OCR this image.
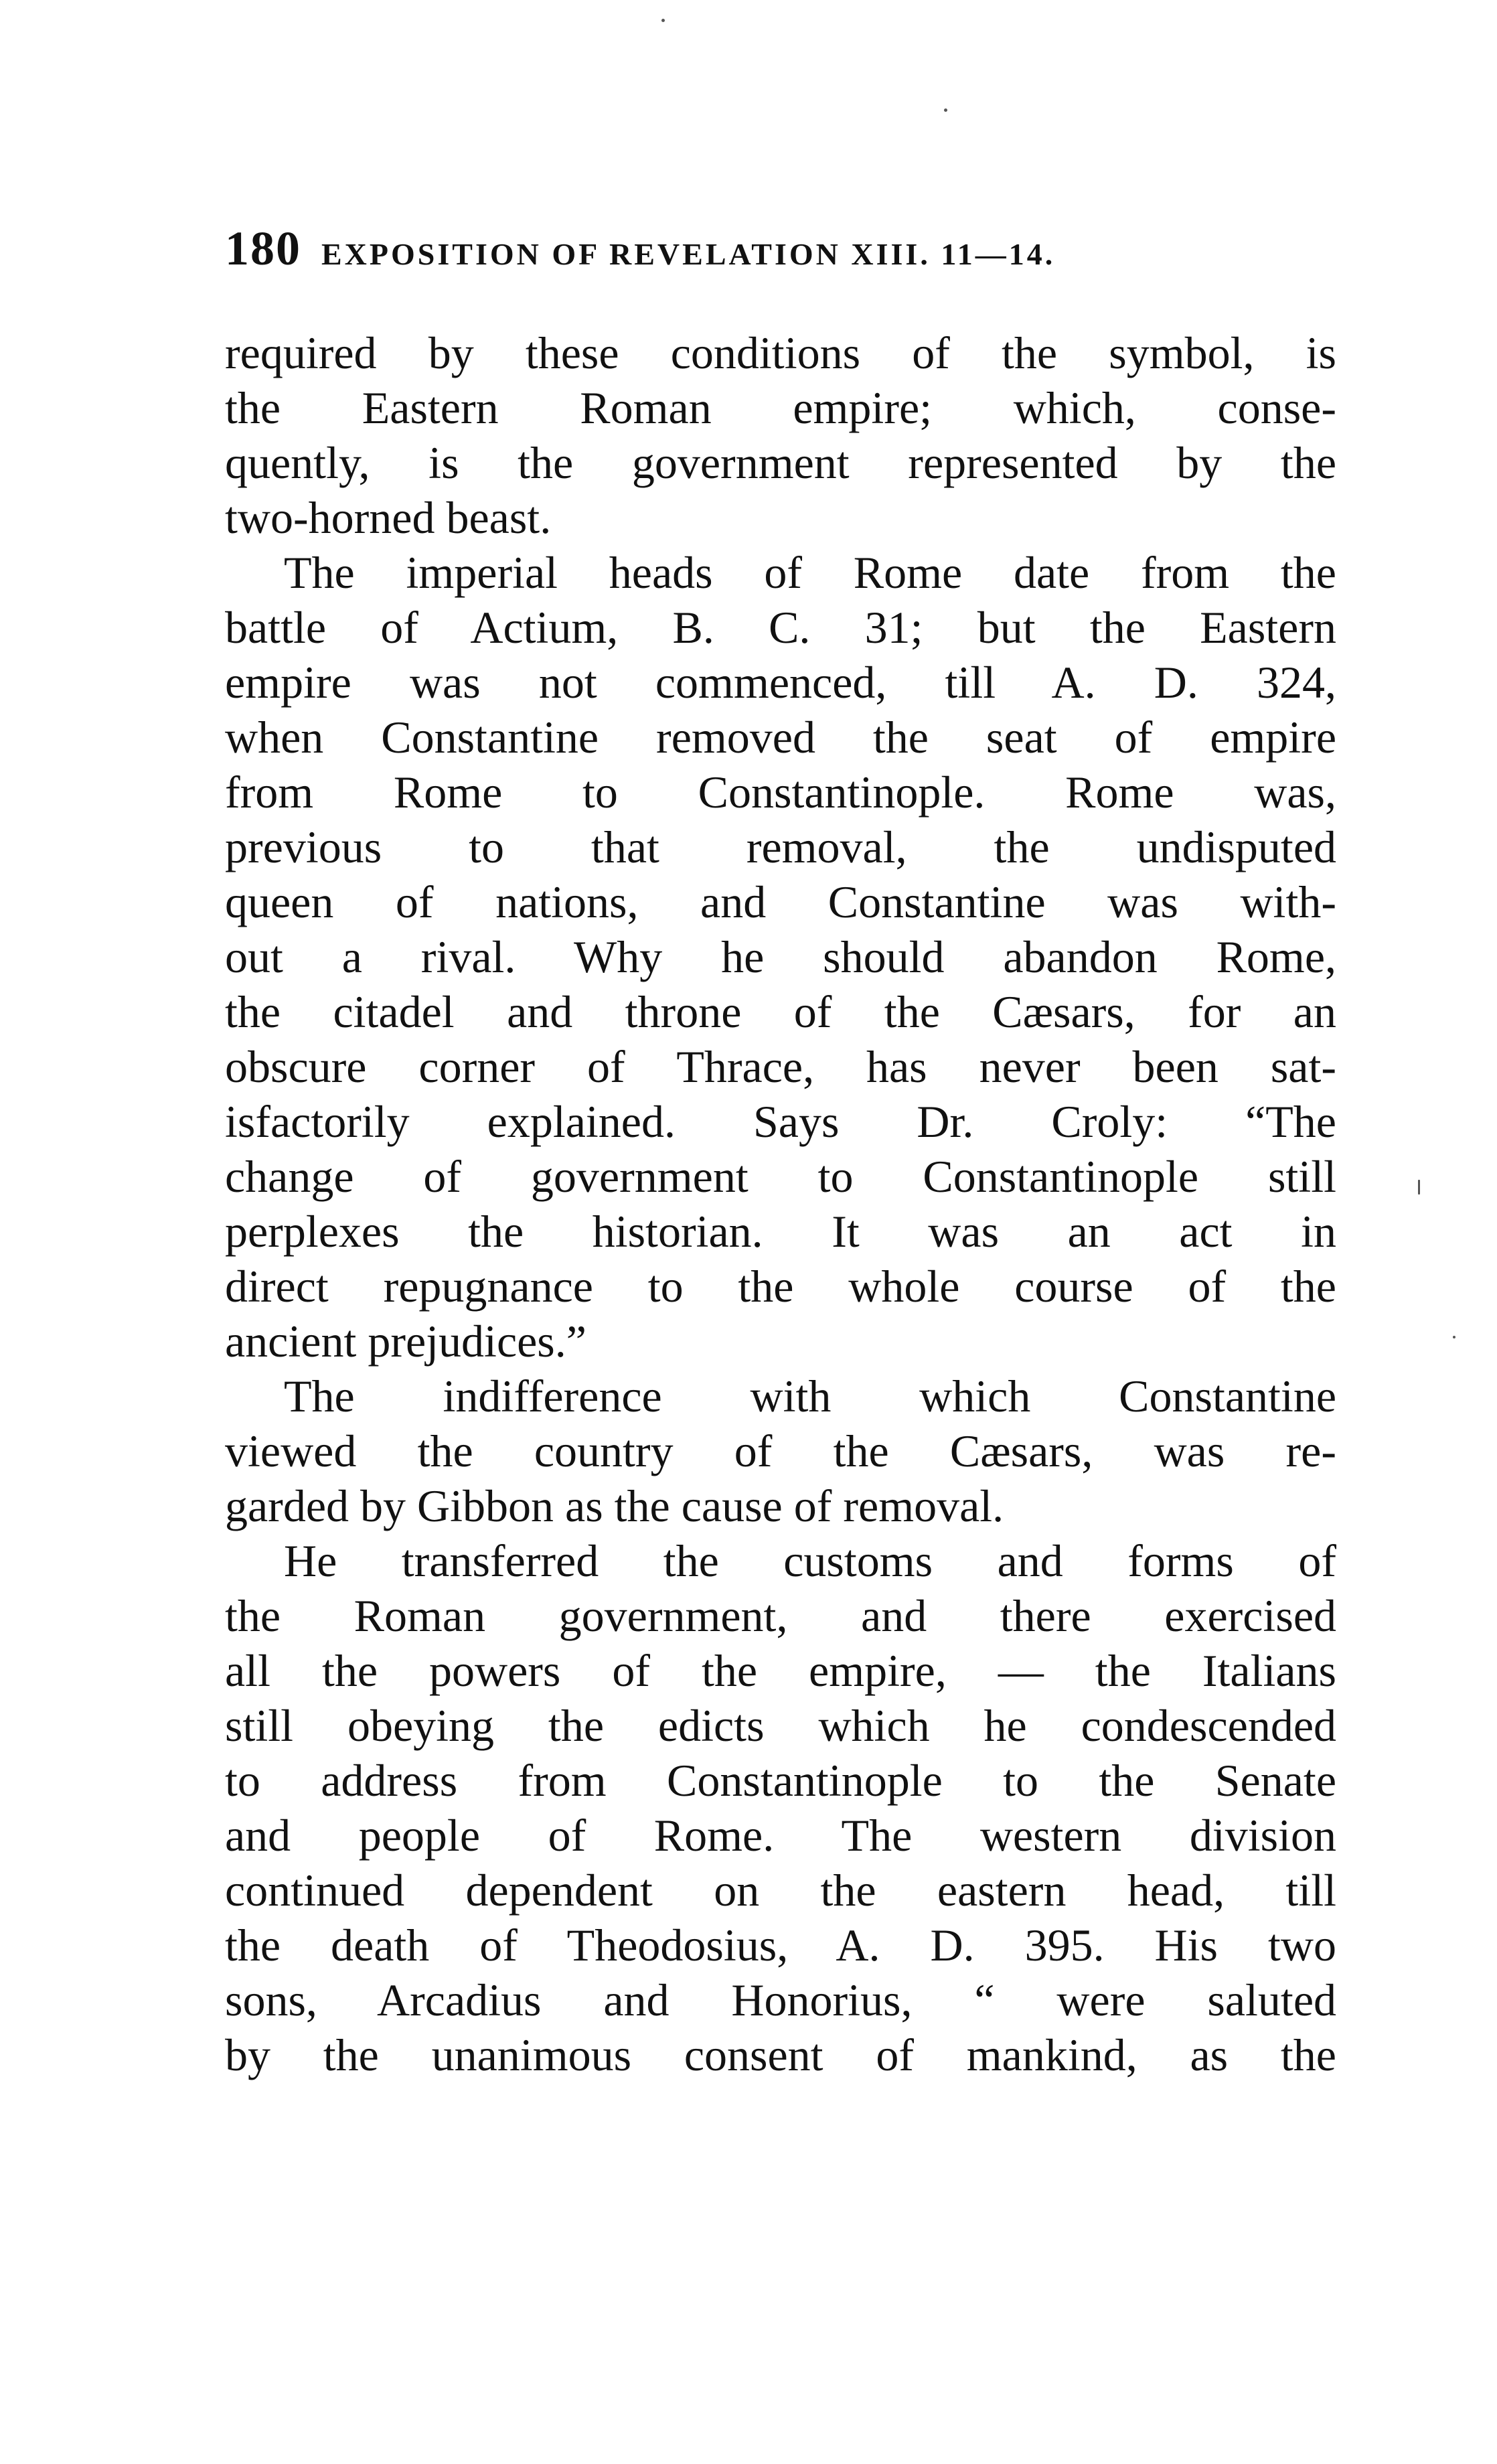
180 EXPOSITION OF REVELATION XIII. 11—14.
required by these conditions of the symbol, is
the Eastern Roman empire; which, conse-
quently, is the government represented by the
two-horned beast.
The imperial heads of Rome date from the
battle of Actium, B. C. 31; but the Eastern
empire was not commenced, till A. D. 324,
when Constantine removed the seat of empire
from Rome to Constantinople. Rome was,
previous to that removal, the undisputed
queen of nations, and Constantine was with-
out a rival. Why he should abandon Rome,
the citadel and throne of the Cæsars, for an
obscure corner of Thrace, has never been sat-
isfactorily explained. Says Dr. Croly: “The
change of government to Constantinople still
perplexes the historian. It was an act in
direct repugnance to the whole course of the
ancient prejudices.”
The indifference with which Constantine
viewed the country of the Cæsars, was re-
garded by Gibbon as the cause of removal.
He transferred the customs and forms of
the Roman government, and there exercised
all the powers of the empire, — the Italians
still obeying the edicts which he condescended
to address from Constantinople to the Senate
and people of Rome. The western division
continued dependent on the eastern head, till
the death of Theodosius, A. D. 395. His two
sons, Arcadius and Honorius, “ were saluted
by the unanimous consent of mankind, as the
